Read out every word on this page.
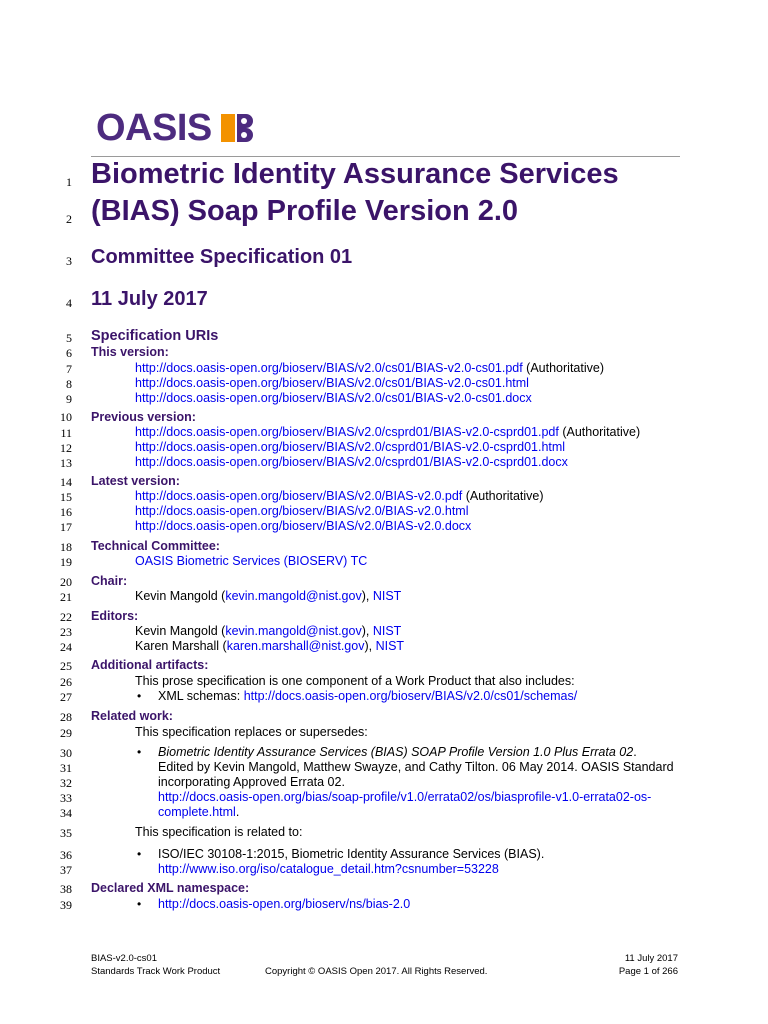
OASIS
1
2
3
4
5
6
7
8
9
10
11
12
13
14
15
16
17
18
19
20
21
22
23
24
25
26
27
28
29
30
31
32
33
34
35
36
37
38
39
Biometric Identity Assurance Services
(BIAS) Soap Profile Version 2.0
Committee Specification 01
11 July 2017
Specification URIs
This version:
http://docs.oasis-open.org/bioserv/BIAS/v2.0/cs01/BIAS-v2.0-cs01.pdf (Authoritative)
http://docs.oasis-open.org/bioserv/BIAS/v2.0/cs01/BIAS-v2.0-cs01.html
http://docs.oasis-open.org/bioserv/BIAS/v2.0/cs01/BIAS-v2.0-cs01.docx
Previous version:
http://docs.oasis-open.org/bioserv/BIAS/v2.0/csprd01/BIAS-v2.0-csprd01.pdf (Authoritative)
http://docs.oasis-open.org/bioserv/BIAS/v2.0/csprd01/BIAS-v2.0-csprd01.html
http://docs.oasis-open.org/bioserv/BIAS/v2.0/csprd01/BIAS-v2.0-csprd01.docx
Latest version:
http://docs.oasis-open.org/bioserv/BIAS/v2.0/BIAS-v2.0.pdf (Authoritative)
http://docs.oasis-open.org/bioserv/BIAS/v2.0/BIAS-v2.0.html
http://docs.oasis-open.org/bioserv/BIAS/v2.0/BIAS-v2.0.docx
Technical Committee:
OASIS Biometric Services (BIOSERV) TC
Chair:
Kevin Mangold (kevin.mangold@nist.gov), NIST
Editors:
Kevin Mangold (kevin.mangold@nist.gov), NIST
Karen Marshall (karen.marshall@nist.gov), NIST
Additional artifacts:
This prose specification is one component of a Work Product that also includes:
• XML schemas: http://docs.oasis-open.org/bioserv/BIAS/v2.0/cs01/schemas/
Related work:
This specification replaces or supersedes:
• Biometric Identity Assurance Services (BIAS) SOAP Profile Version 1.0 Plus Errata 02.
Edited by Kevin Mangold, Matthew Swayze, and Cathy Tilton. 06 May 2014. OASIS Standard
incorporating Approved Errata 02.
http://docs.oasis-open.org/bias/soap-profile/v1.0/errata02/os/biasprofile-v1.0-errata02-os-
complete.html.
This specification is related to:
• ISO/IEC 30108-1:2015, Biometric Identity Assurance Services (BIAS).
http://www.iso.org/iso/catalogue_detail.htm?csnumber=53228
Declared XML namespace:
• http://docs.oasis-open.org/bioserv/ns/bias-2.0
BIAS-v2.0-cs01
Standards Track Work Product	Copyright © OASIS Open 2017. All Rights Reserved.
11 July 2017
Page 1 of 266
